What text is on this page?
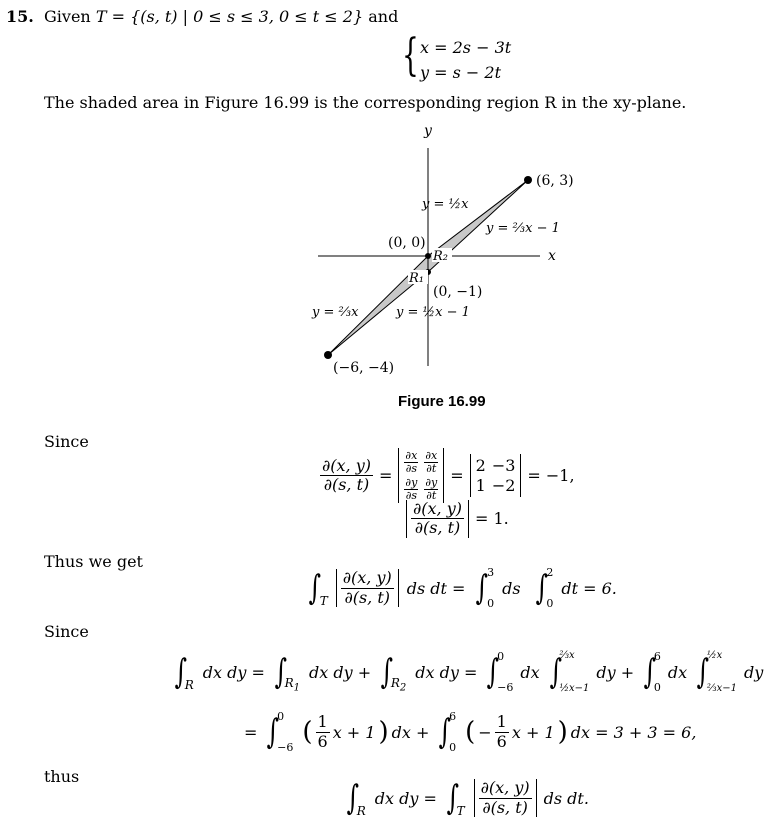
15. Given T = {(s, t) | 0 ≤ s ≤ 3, 0 ≤ t ≤ 2} and
{ x = 2s − 3t
y = s − 2t
The shaded area in Figure 16.99 is the corresponding region R in the xy-plane.
y
x
(6, 3)
(0, 0)
(0, −1)
(−6, −4)
R₂
R₁
y = ½x
y = ⅔x − 1
y = ⅔x	y = ½x − 1
Figure 16.99
Since
$\frac{\partial(x, y)}{\partial(s, t)}$ =
$\frac{\partial x}{\partial s}$
$\frac{\partial y}{\partial s}$
$\frac{\partial x}{\partial t}$
$\frac{\partial y}{\partial t}$
=
2 −3
1 −2 = −1,
$\frac{\partial(x, y)}{\partial(s, t)} = 1$.
Thus we get
∫
T $\frac{\partial(x, y)}{\partial(s, t)}$ ds dt = ∫
3
0
ds ∫
2
0
dt = 6.
Since
∫
R
dx dy = ∫
$R_1$
dx dy + ∫
$R_2$
dx dy = ∫
0
−6
dx ∫
⅔x
½x−1
dy + ∫
6
0
dx ∫
½x
⅔x−1
dy
= ∫
0
−6
( $\frac{1}{6}$ x + 1 ) dx + ∫
6
0
( − $\frac{1}{6}$ x + 1 ) dx = 3 + 3 = 6,
thus
∫
R
dx dy = ∫
T $\frac{\partial(x, y)}{\partial(s, t)}$ ds dt.
